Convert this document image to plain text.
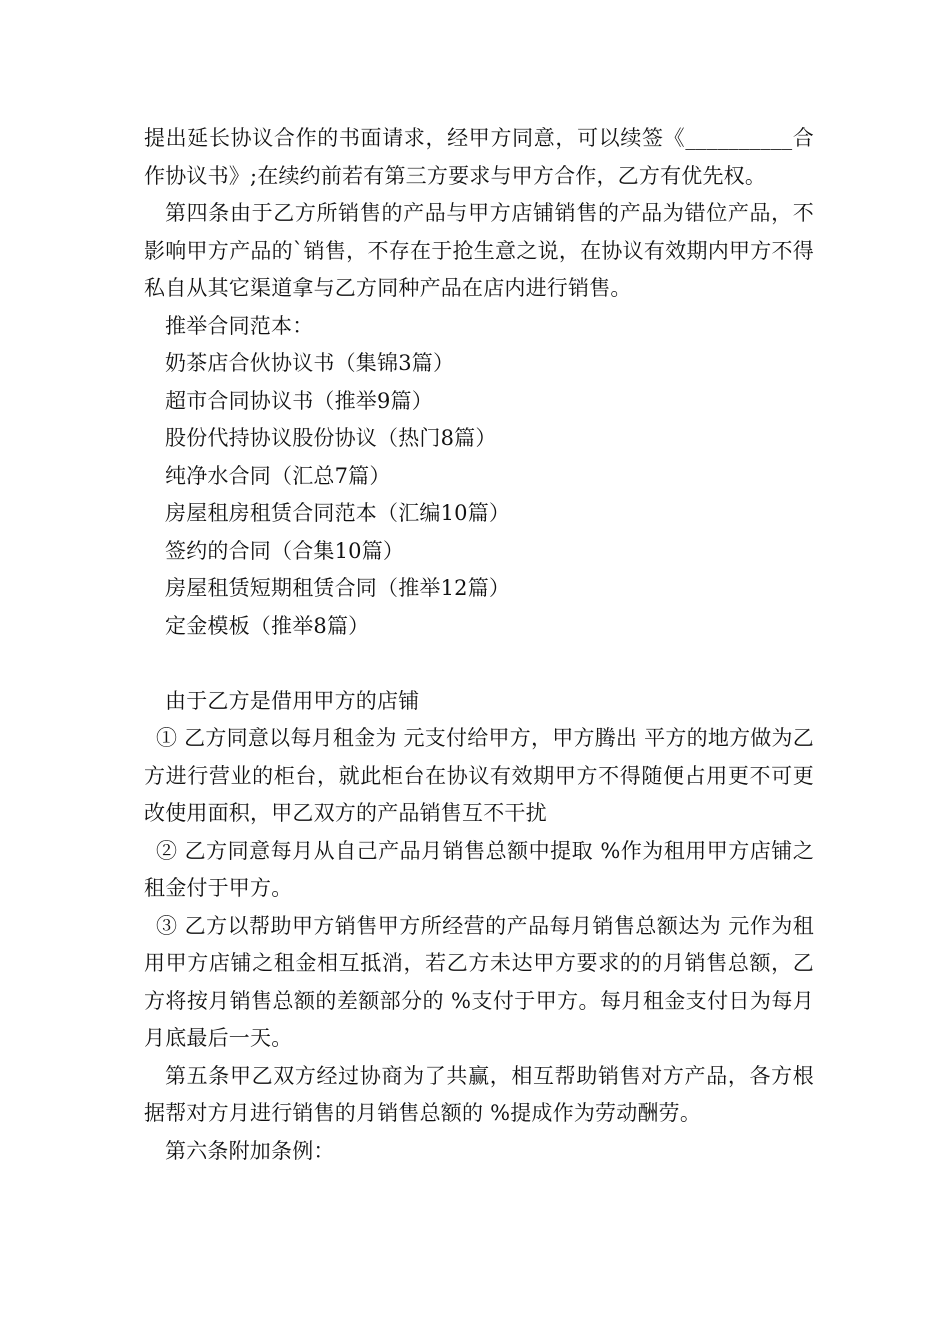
提出延长协议合作的书面请求，经甲方同意，可以续签《__________合作协议书》;在续约前若有第三方要求与甲方合作，乙方有优先权。

第四条由于乙方所销售的产品与甲方店铺销售的产品为错位产品，不影响甲方产品的`销售，不存在于抢生意之说，在协议有效期内甲方不得私自从其它渠道拿与乙方同种产品在店内进行销售。

推举合同范本：

奶茶店合伙协议书（集锦3篇）

超市合同协议书（推举9篇）

股份代持协议股份协议（热门8篇）

纯净水合同（汇总7篇）

房屋租房租赁合同范本（汇编10篇）

签约的合同（合集10篇）

房屋租赁短期租赁合同（推举12篇）

定金模板（推举8篇）

由于乙方是借用甲方的店铺

① 乙方同意以每月租金为 元支付给甲方，甲方腾出 平方的地方做为乙方进行营业的柜台，就此柜台在协议有效期甲方不得随便占用更不可更改使用面积，甲乙双方的产品销售互不干扰

② 乙方同意每月从自己产品月销售总额中提取 %作为租用甲方店铺之租金付于甲方。

③ 乙方以帮助甲方销售甲方所经营的产品每月销售总额达为 元作为租用甲方店铺之租金相互抵消，若乙方未达甲方要求的的月销售总额，乙方将按月销售总额的差额部分的 %支付于甲方。每月租金支付日为每月月底最后一天。

第五条甲乙双方经过协商为了共赢，相互帮助销售对方产品，各方根据帮对方月进行销售的月销售总额的 %提成作为劳动酬劳。

第六条附加条例：
